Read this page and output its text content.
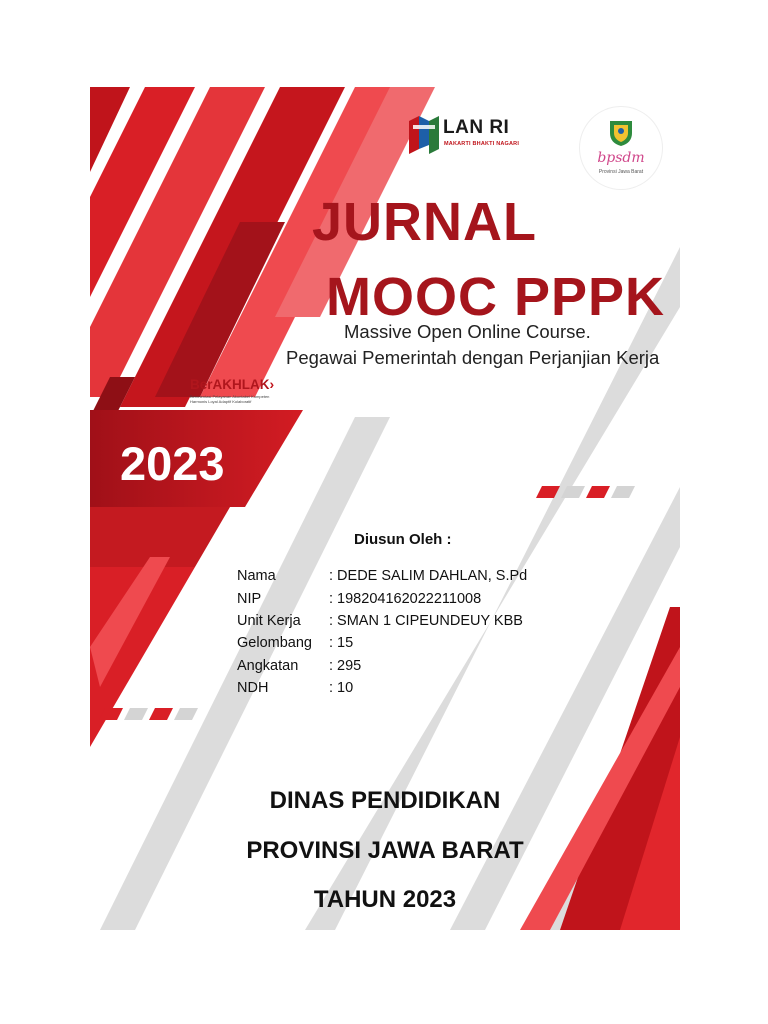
LAN RI
MAKARTI BHAKTI NAGARI
bpsdm
Provinsi Jawa Barat
JURNAL
MOOC PPPK
Massive Open Online Course.
Pegawai Pemerintah dengan Perjanjian Kerja
BerAKHLAK›
Berorientasi Pelayanan Akuntabel Kompeten Harmonis Loyal Adaptif Kolaboratif
2023
Diusun Oleh :
Nama	: DEDE SALIM DAHLAN, S.Pd
NIP	: 198204162022211008
Unit Kerja	: SMAN 1 CIPEUNDEUY KBB
Gelombang	: 15
Angkatan	: 295
NDH	: 10
DINAS PENDIDIKAN
PROVINSI JAWA BARAT
TAHUN 2023
